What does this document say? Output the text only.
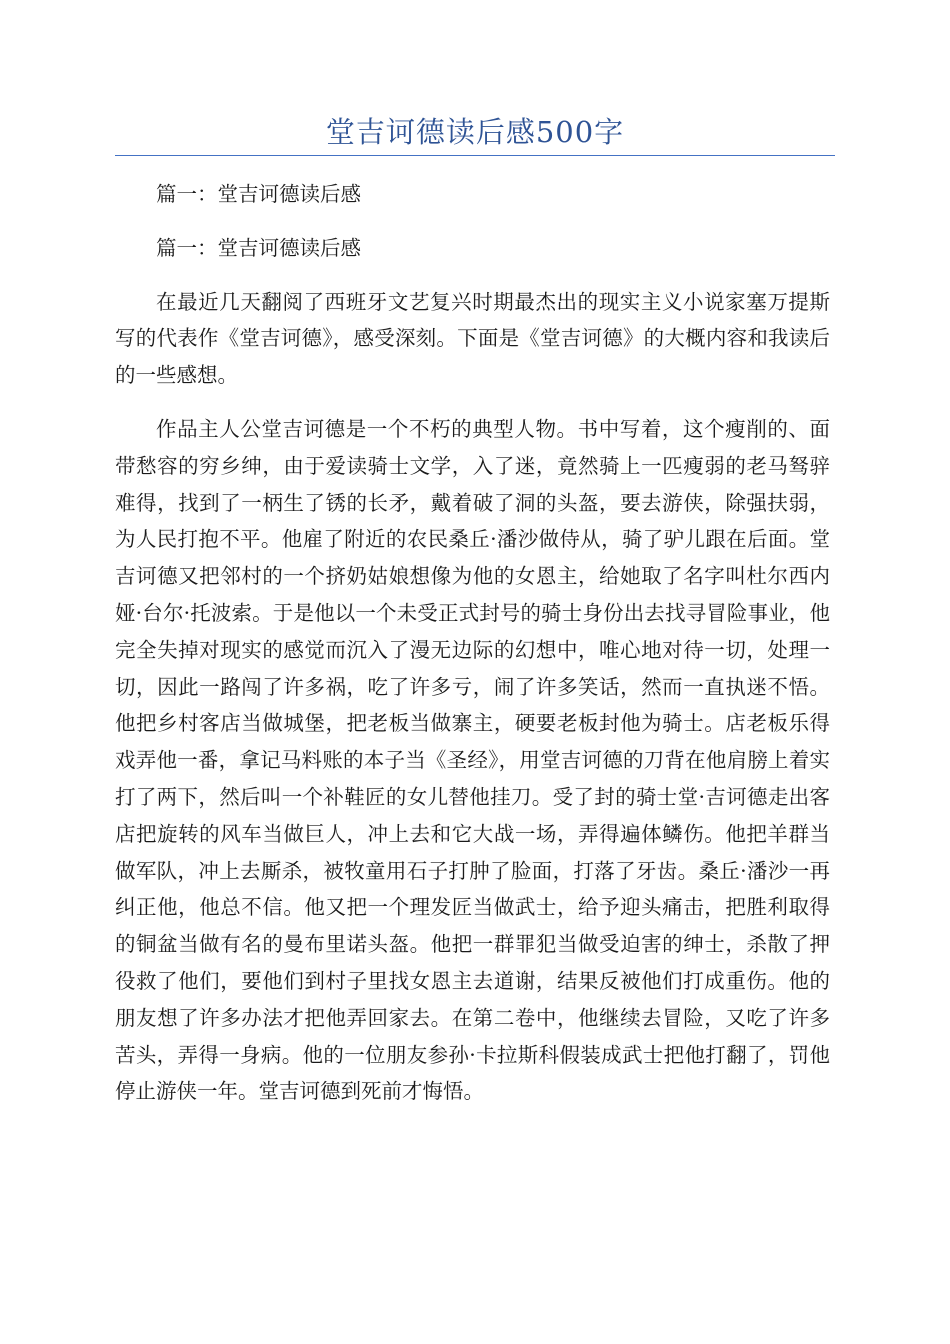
堂吉诃德读后感500字

篇一：堂吉诃德读后感

篇一：堂吉诃德读后感

在最近几天翻阅了西班牙文艺复兴时期最杰出的现实主义小说家塞万提斯写的代表作《堂吉诃德》，感受深刻。下面是《堂吉诃德》的大概内容和我读后的一些感想。

作品主人公堂吉诃德是一个不朽的典型人物。书中写着，这个瘦削的、面带愁容的穷乡绅，由于爱读骑士文学，入了迷，竟然骑上一匹瘦弱的老马驽骍难得，找到了一柄生了锈的长矛，戴着破了洞的头盔，要去游侠，除强扶弱，为人民打抱不平。他雇了附近的农民桑丘·潘沙做侍从，骑了驴儿跟在后面。堂吉诃德又把邻村的一个挤奶姑娘想像为他的女恩主，给她取了名字叫杜尔西内娅·台尔·托波索。于是他以一个未受正式封号的骑士身份出去找寻冒险事业，他完全失掉对现实的感觉而沉入了漫无边际的幻想中，唯心地对待一切，处理一切，因此一路闯了许多祸，吃了许多亏，闹了许多笑话，然而一直执迷不悟。他把乡村客店当做城堡，把老板当做寨主，硬要老板封他为骑士。店老板乐得戏弄他一番，拿记马料账的本子当《圣经》，用堂吉诃德的刀背在他肩膀上着实打了两下，然后叫一个补鞋匠的女儿替他挂刀。受了封的骑士堂·吉诃德走出客店把旋转的风车当做巨人，冲上去和它大战一场，弄得遍体鳞伤。他把羊群当做军队，冲上去厮杀，被牧童用石子打肿了脸面，打落了牙齿。桑丘·潘沙一再纠正他，他总不信。他又把一个理发匠当做武士，给予迎头痛击，把胜利取得的铜盆当做有名的曼布里诺头盔。他把一群罪犯当做受迫害的绅士，杀散了押役救了他们，要他们到村子里找女恩主去道谢，结果反被他们打成重伤。他的朋友想了许多办法才把他弄回家去。在第二卷中，他继续去冒险，又吃了许多苦头，弄得一身病。他的一位朋友参孙·卡拉斯科假装成武士把他打翻了，罚他停止游侠一年。堂吉诃德到死前才悔悟。
